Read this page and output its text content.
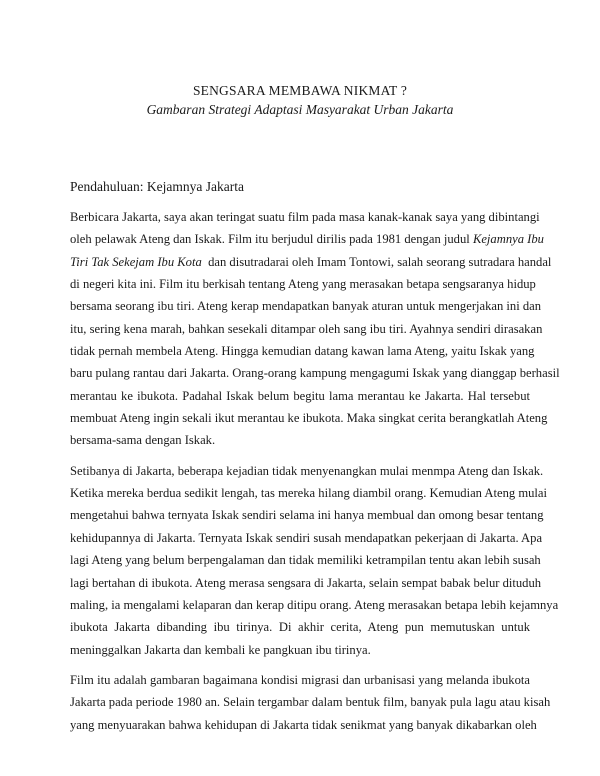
SENGSARA MEMBAWA NIKMAT ?
Gambaran Strategi Adaptasi Masyarakat Urban Jakarta
Pendahuluan: Kejamnya Jakarta
Berbicara Jakarta, saya akan teringat suatu film pada masa kanak-kanak saya yang dibintangi
oleh pelawak Ateng dan Iskak. Film itu berjudul dirilis pada 1981 dengan judul Kejamnya Ibu
Tiri Tak Sekejam Ibu Kota dan disutradarai oleh Imam Tontowi, salah seorang sutradara handal
di negeri kita ini. Film itu berkisah tentang Ateng yang merasakan betapa sengsaranya hidup
bersama seorang ibu tiri. Ateng kerap mendapatkan banyak aturan untuk mengerjakan ini dan
itu, sering kena marah, bahkan sesekali ditampar oleh sang ibu tiri. Ayahnya sendiri dirasakan
tidak pernah membela Ateng. Hingga kemudian datang kawan lama Ateng, yaitu Iskak yang
baru pulang rantau dari Jakarta. Orang-orang kampung mengagumi Iskak yang dianggap berhasil
merantau ke ibukota. Padahal Iskak belum begitu lama merantau ke Jakarta. Hal tersebut
membuat Ateng ingin sekali ikut merantau ke ibukota. Maka singkat cerita berangkatlah Ateng
bersama-sama dengan Iskak.
Setibanya di Jakarta, beberapa kejadian tidak menyenangkan mulai menmpa Ateng dan Iskak.
Ketika mereka berdua sedikit lengah, tas mereka hilang diambil orang. Kemudian Ateng mulai
mengetahui bahwa ternyata Iskak sendiri selama ini hanya membual dan omong besar tentang
kehidupannya di Jakarta. Ternyata Iskak sendiri susah mendapatkan pekerjaan di Jakarta. Apa
lagi Ateng yang belum berpengalaman dan tidak memiliki ketrampilan tentu akan lebih susah
lagi bertahan di ibukota. Ateng merasa sengsara di Jakarta, selain sempat babak belur dituduh
maling, ia mengalami kelaparan dan kerap ditipu orang. Ateng merasakan betapa lebih kejamnya
ibukota Jakarta dibanding ibu tirinya. Di akhir cerita, Ateng pun memutuskan untuk
meninggalkan Jakarta dan kembali ke pangkuan ibu tirinya.
Film itu adalah gambaran bagaimana kondisi migrasi dan urbanisasi yang melanda ibukota
Jakarta pada periode 1980 an. Selain tergambar dalam bentuk film, banyak pula lagu atau kisah
yang menyuarakan bahwa kehidupan di Jakarta tidak senikmat yang banyak dikabarkan oleh
